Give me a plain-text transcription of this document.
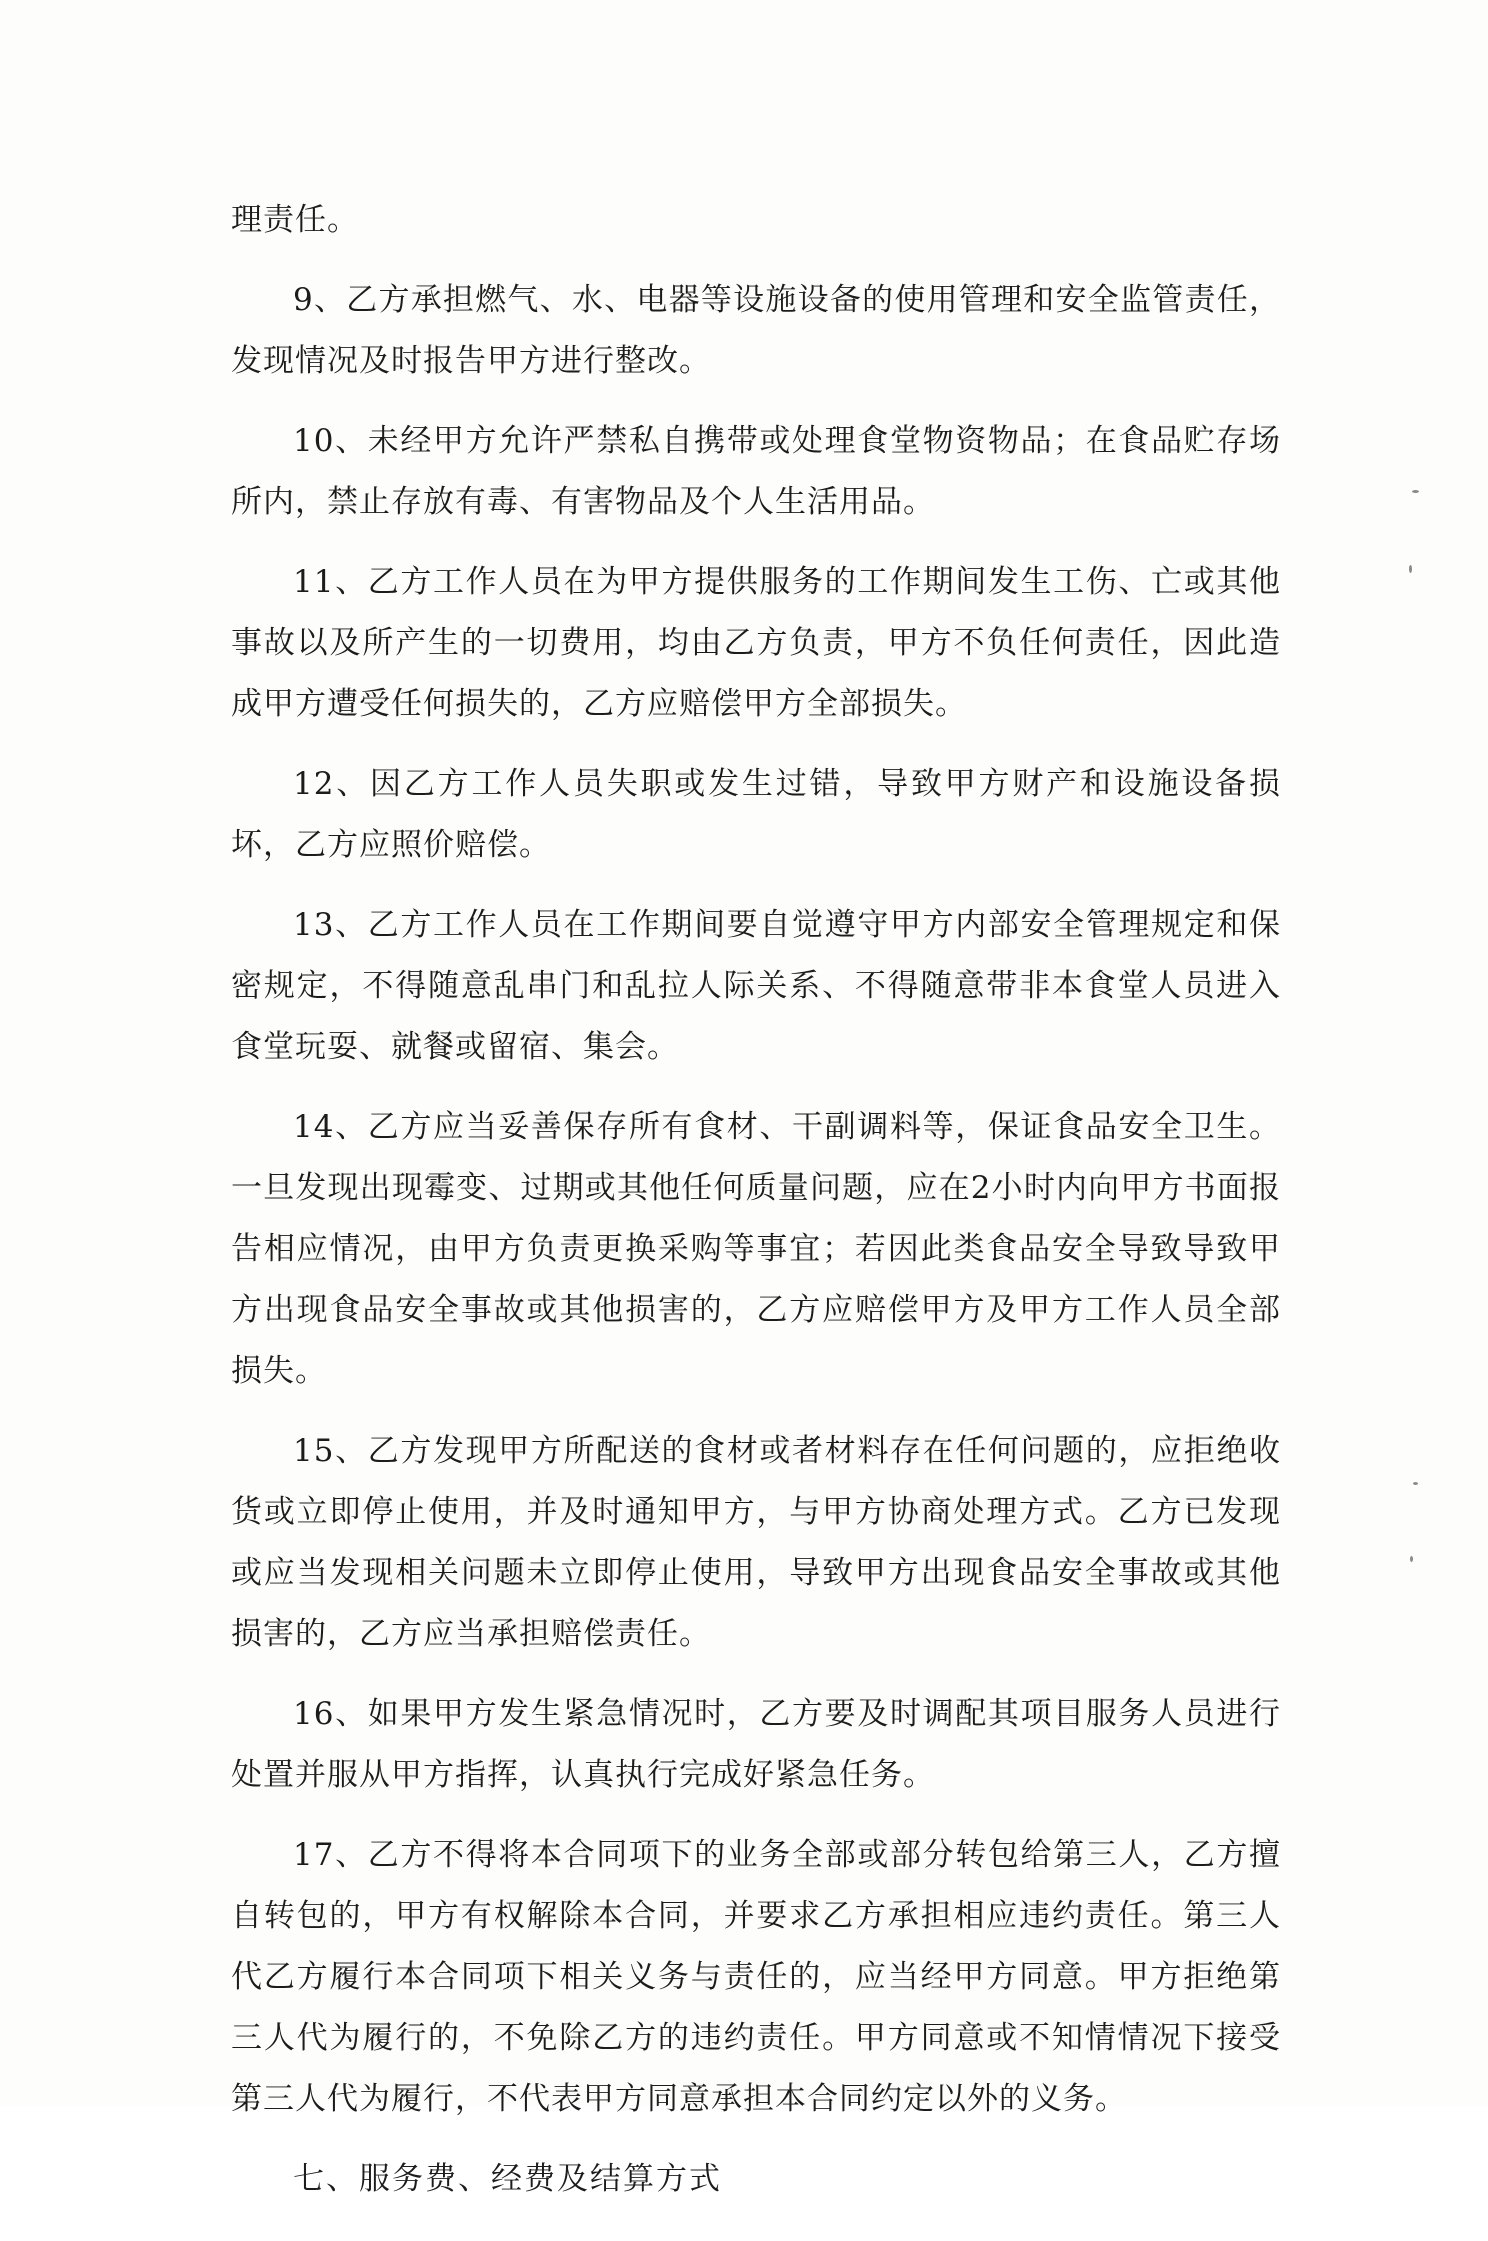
理责任。

9、乙方承担燃气、水、电器等设施设备的使用管理和安全监管责任，发现情况及时报告甲方进行整改。

10、未经甲方允许严禁私自携带或处理食堂物资物品；在食品贮存场所内，禁止存放有毒、有害物品及个人生活用品。

11、乙方工作人员在为甲方提供服务的工作期间发生工伤、亡或其他事故以及所产生的一切费用，均由乙方负责，甲方不负任何责任，因此造成甲方遭受任何损失的，乙方应赔偿甲方全部损失。

12、因乙方工作人员失职或发生过错，导致甲方财产和设施设备损坏，乙方应照价赔偿。

13、乙方工作人员在工作期间要自觉遵守甲方内部安全管理规定和保密规定，不得随意乱串门和乱拉人际关系、不得随意带非本食堂人员进入食堂玩耍、就餐或留宿、集会。

14、乙方应当妥善保存所有食材、干副调料等，保证食品安全卫生。一旦发现出现霉变、过期或其他任何质量问题，应在2小时内向甲方书面报告相应情况，由甲方负责更换采购等事宜；若因此类食品安全导致导致甲方出现食品安全事故或其他损害的，乙方应赔偿甲方及甲方工作人员全部损失。

15、乙方发现甲方所配送的食材或者材料存在任何问题的，应拒绝收货或立即停止使用，并及时通知甲方，与甲方协商处理方式。乙方已发现或应当发现相关问题未立即停止使用，导致甲方出现食品安全事故或其他损害的，乙方应当承担赔偿责任。

16、如果甲方发生紧急情况时，乙方要及时调配其项目服务人员进行处置并服从甲方指挥，认真执行完成好紧急任务。

17、乙方不得将本合同项下的业务全部或部分转包给第三人，乙方擅自转包的，甲方有权解除本合同，并要求乙方承担相应违约责任。第三人代乙方履行本合同项下相关义务与责任的，应当经甲方同意。甲方拒绝第三人代为履行的，不免除乙方的违约责任。甲方同意或不知情情况下接受第三人代为履行，不代表甲方同意承担本合同约定以外的义务。

七、服务费、经费及结算方式
